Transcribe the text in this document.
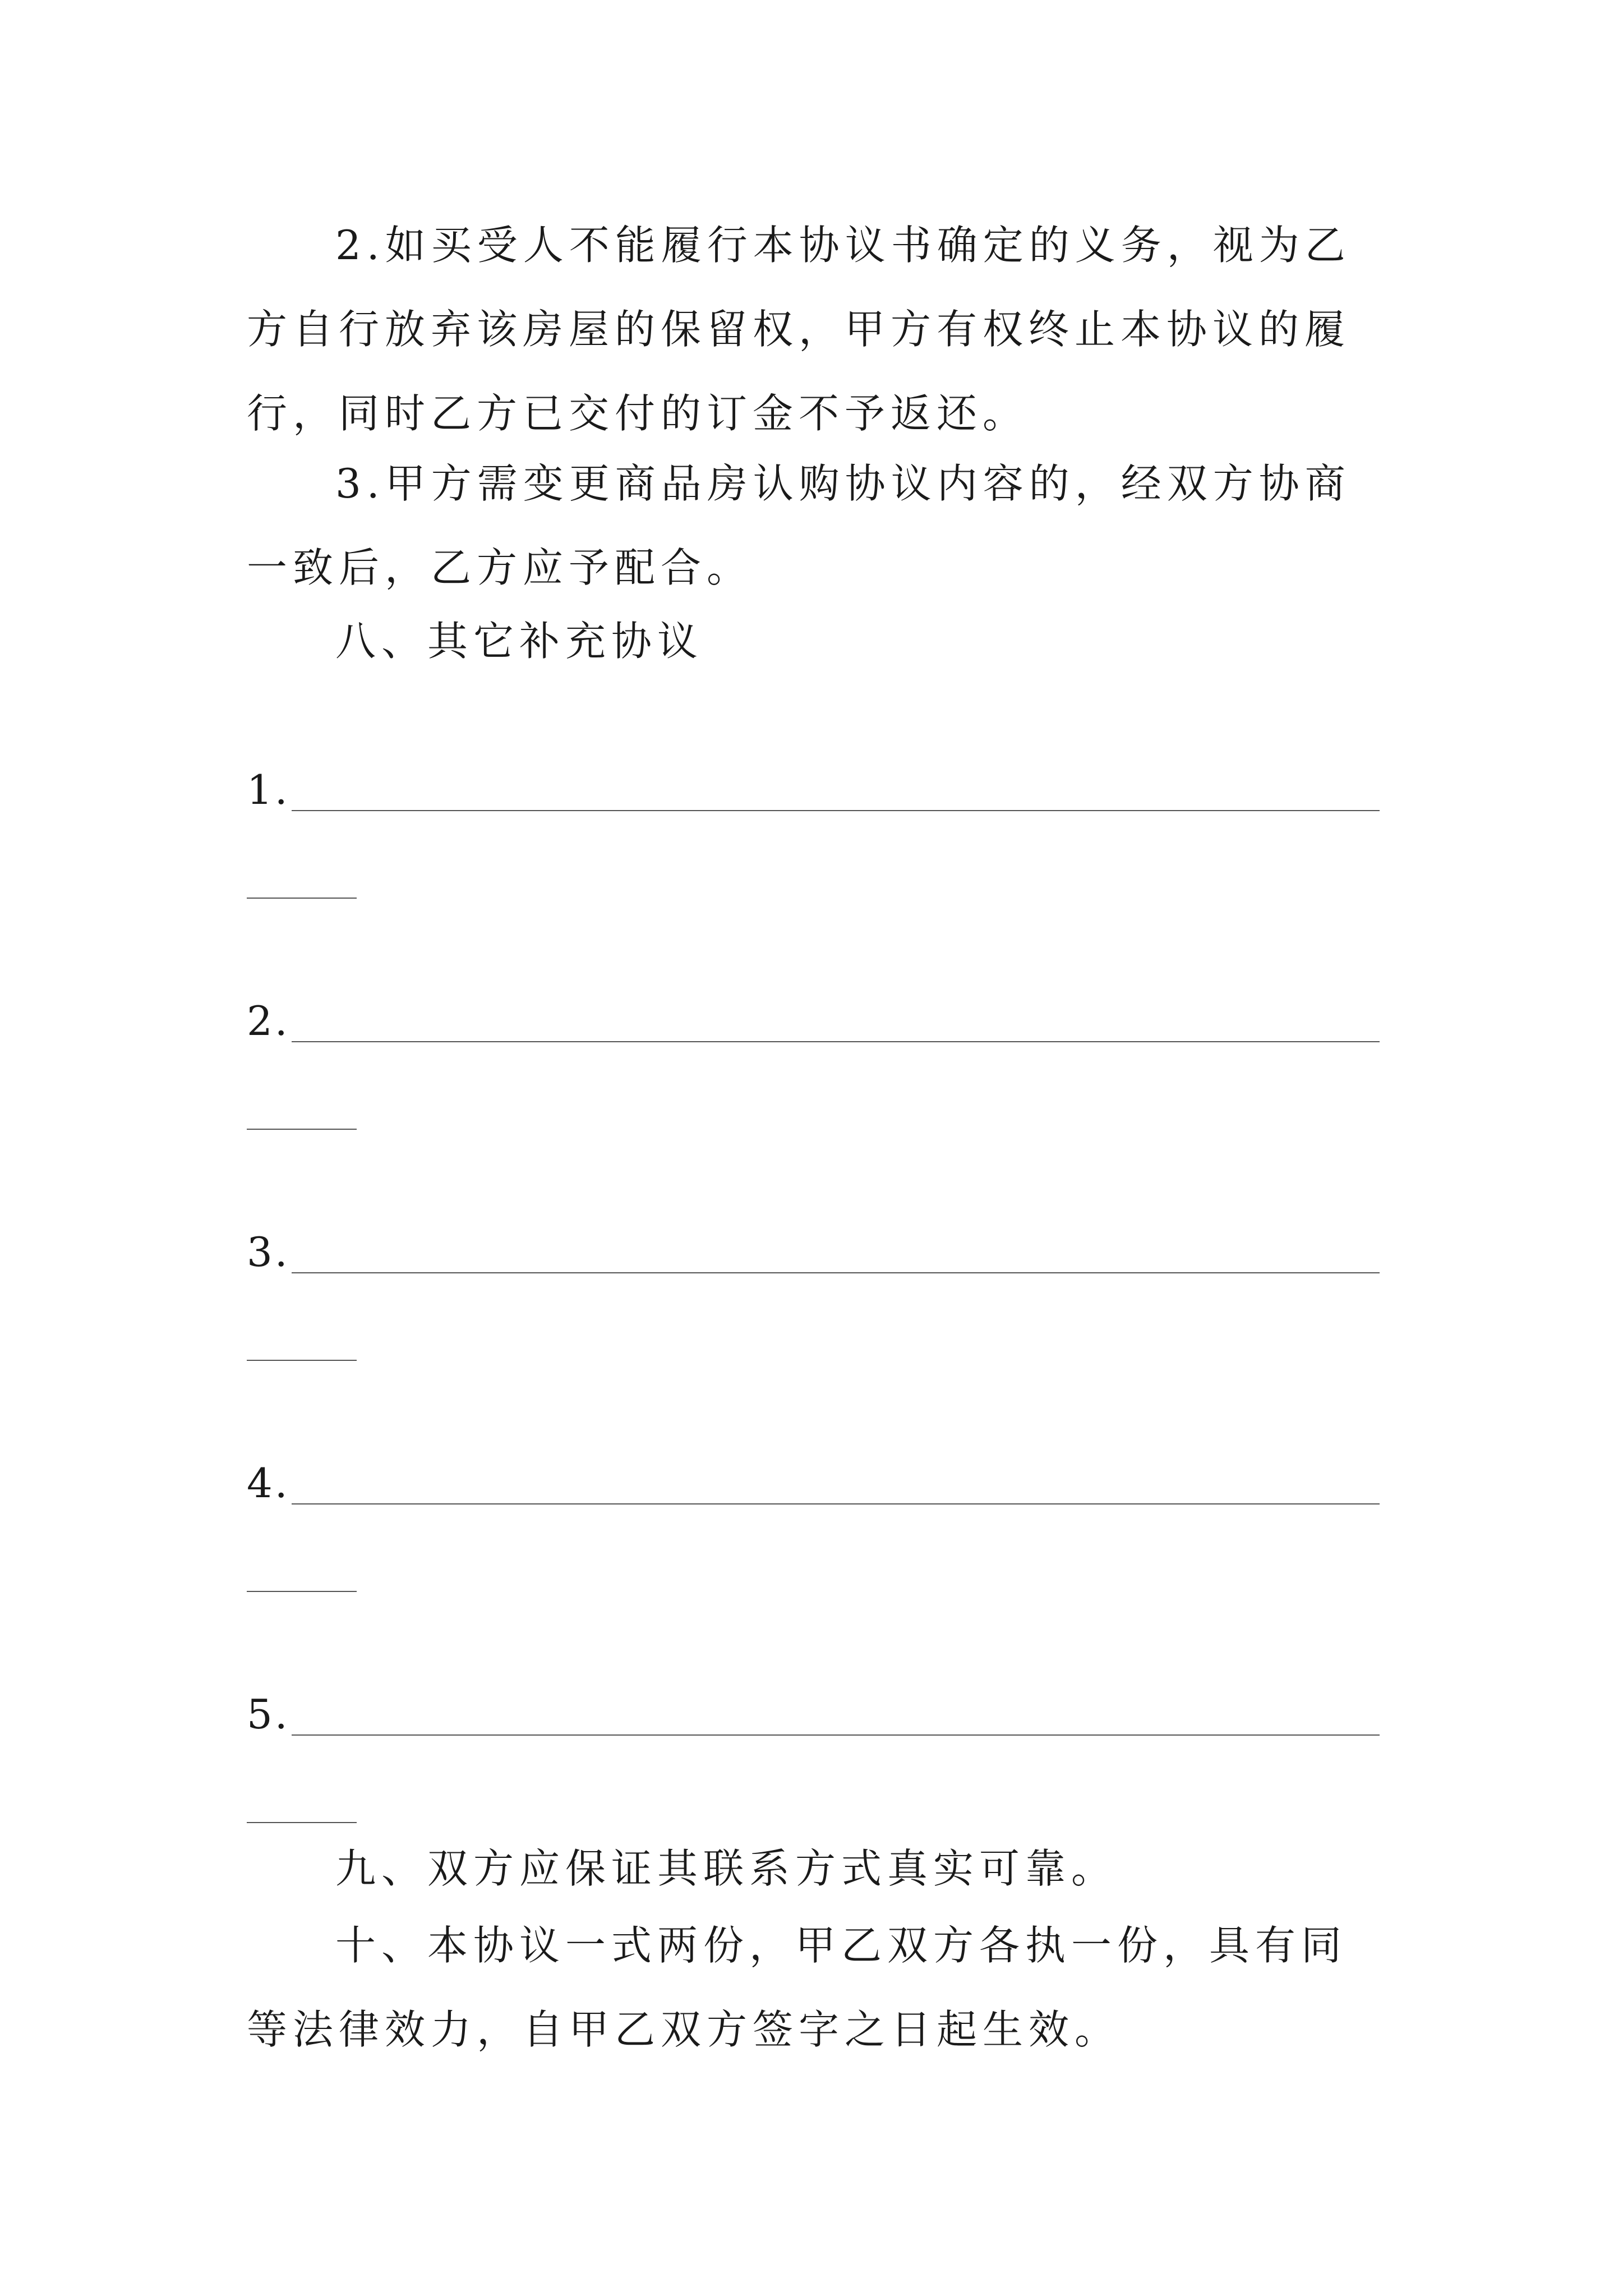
2.如买受人不能履行本协议书确定的义务，视为乙方自行放弃该房屋的保留权，甲方有权终止本协议的履行，同时乙方已交付的订金不予返还。

3.甲方需变更商品房认购协议内容的，经双方协商一致后，乙方应予配合。

八、其它补充协议

1.
2.
3.
4.
5.

九、双方应保证其联系方式真实可靠。

十、本协议一式两份，甲乙双方各执一份，具有同等法律效力，自甲乙双方签字之日起生效。
